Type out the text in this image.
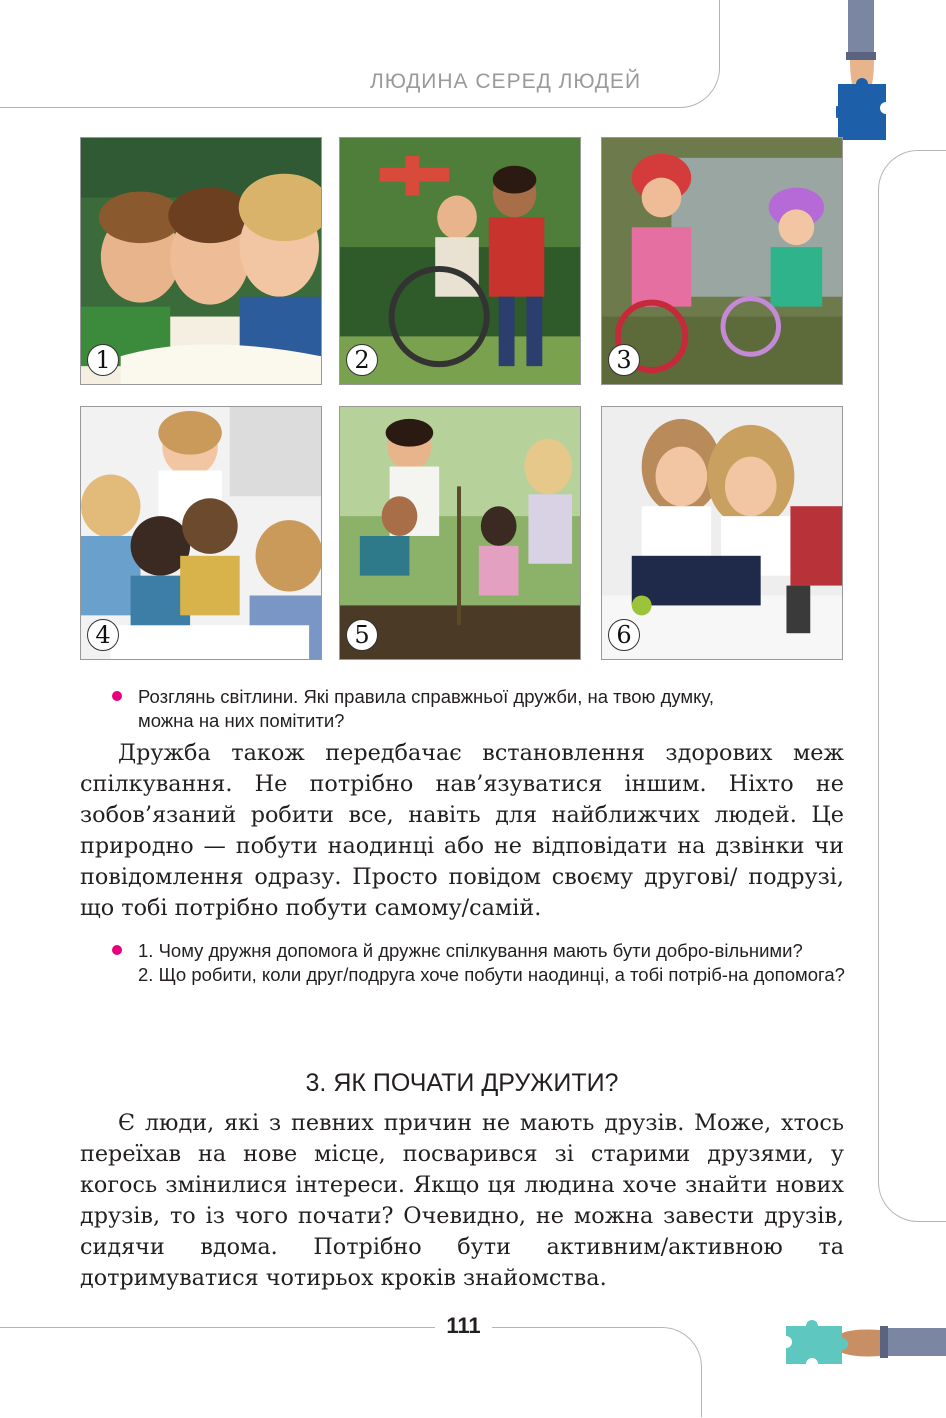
ЛЮДИНА СЕРЕД ЛЮДЕЙ
1	2	3
4	5	6

Розглянь світлини. Які правила справжньої дружби, на твою думку,

можна на них помітити?

Дружба також передбачає встановлення здорових меж спілкування. Не потрібно нав’язуватися іншим. Ніхто не зобов’язаний робити все, навіть для найближчих людей. Це природно — побути наодинці або не відповідати на дзвінки чи повідомлення одразу. Просто повідом своєму другові/ подрузі, що тобі потрібно побути самому/самій.

1. Чому дружня допомога й дружнє спілкування мають бути добро-вільними?

2. Що робити, коли друг/подруга хоче побути наодинці, а тобі потріб-на допомога?

3. ЯК ПОЧАТИ ДРУЖИТИ?

Є люди, які з певних причин не мають друзів. Може, хтось переїхав на нове місце, посварився зі старими друзями, у когось змінилися інтереси. Якщо ця людина хоче знайти нових друзів, то із чого почати? Очевидно, не можна завести друзів, сидячи вдома. Потрібно бути активним/активною та дотримуватися чотирьох кроків знайомства.

111
